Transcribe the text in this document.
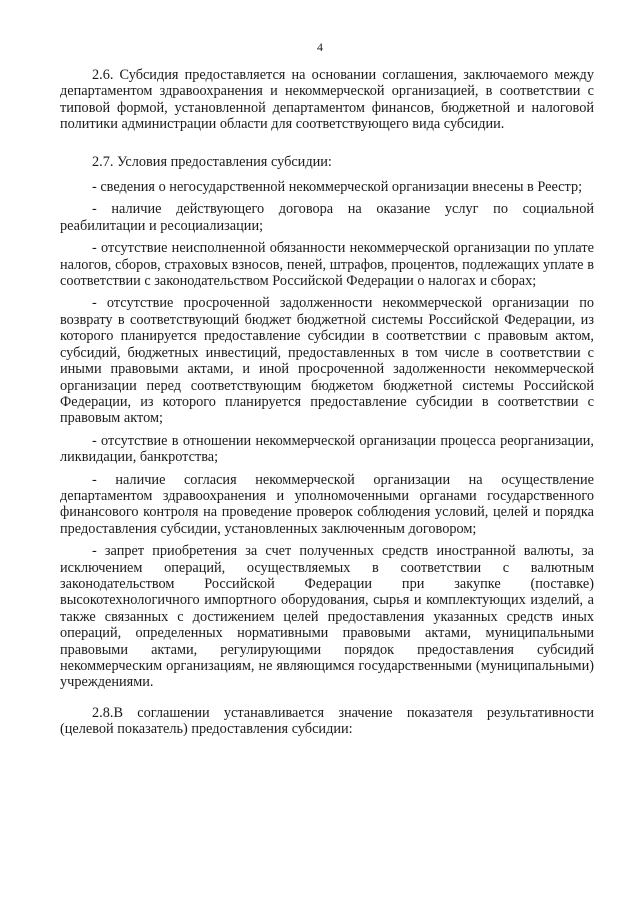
4

2.6. Субсидия предоставляется на основании соглашения, заключаемого между департаментом здравоохранения и некоммерческой организацией, в соответствии с типовой формой, установленной департаментом финансов, бюджетной и налоговой политики администрации области для соответствующего вида субсидии.

2.7. Условия предоставления субсидии:

- сведения о негосударственной некоммерческой организации внесены в Реестр;

- наличие действующего договора на оказание услуг по социальной реабилитации и ресоциализации;

- отсутствие неисполненной обязанности некоммерческой организации по уплате налогов, сборов, страховых взносов, пеней, штрафов, процентов, подлежащих уплате в соответствии с законодательством Российской Федерации о налогах и сборах;

- отсутствие просроченной задолженности некоммерческой организации по возврату в соответствующий бюджет бюджетной системы Российской Федерации, из которого планируется предоставление субсидии в соответствии с правовым актом, субсидий, бюджетных инвестиций, предоставленных в том числе в соответствии с иными правовыми актами, и иной просроченной задолженности некоммерческой организации перед соответствующим бюджетом бюджетной системы Российской Федерации, из которого планируется предоставление субсидии в соответствии с правовым актом;

- отсутствие в отношении некоммерческой организации процесса реорганизации, ликвидации, банкротства;

- наличие согласия некоммерческой организации на осуществление департаментом здравоохранения и уполномоченными органами государственного финансового контроля на проведение проверок соблюдения условий, целей и порядка предоставления субсидии, установленных заключенным договором;

- запрет приобретения за счет полученных средств иностранной валюты, за исключением операций, осуществляемых в соответствии с валютным законодательством Российской Федерации при закупке (поставке) высокотехнологичного импортного оборудования, сырья и комплектующих изделий, а также связанных с достижением целей предоставления указанных средств иных операций, определенных нормативными правовыми актами, муниципальными правовыми актами, регулирующими порядок предоставления субсидий некоммерческим организациям, не являющимся государственными (муниципальными) учреждениями.

2.8.В соглашении устанавливается значение показателя результативности (целевой показатель) предоставления субсидии:
